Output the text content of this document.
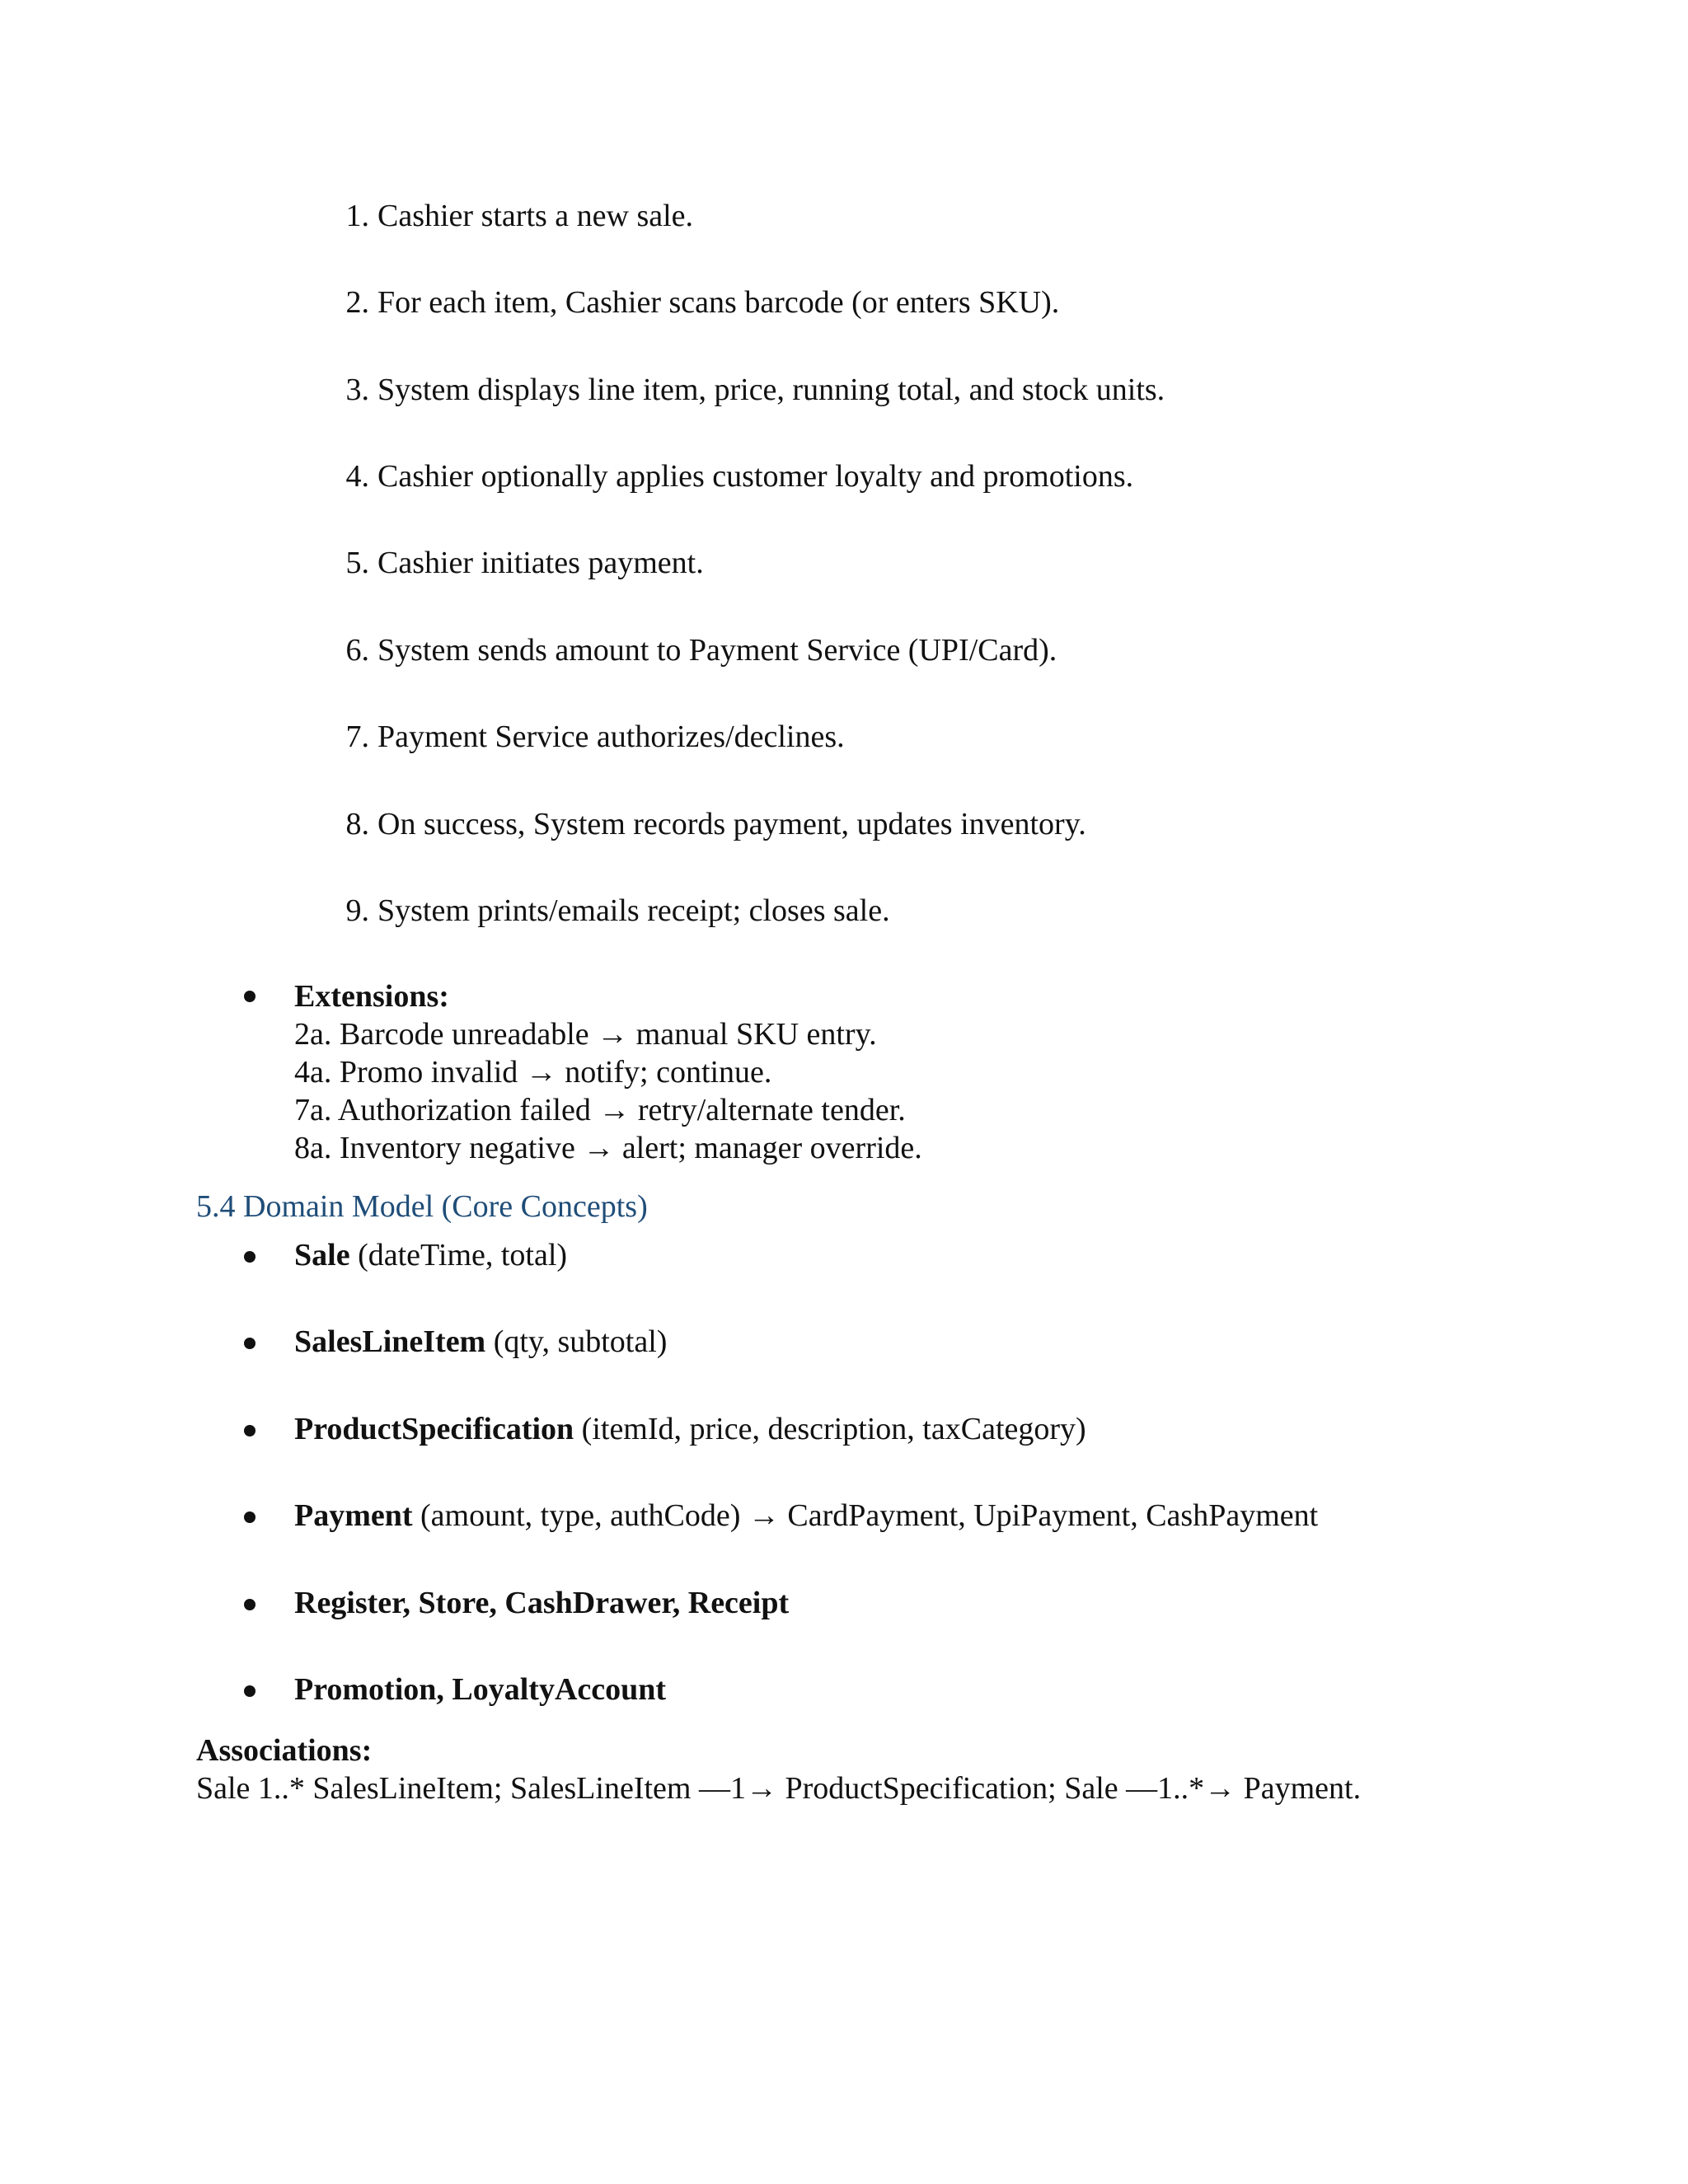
1. Cashier starts a new sale.
2. For each item, Cashier scans barcode (or enters SKU).
3. System displays line item, price, running total, and stock units.
4. Cashier optionally applies customer loyalty and promotions.
5. Cashier initiates payment.
6. System sends amount to Payment Service (UPI/Card).
7. Payment Service authorizes/declines.
8. On success, System records payment, updates inventory.
9. System prints/emails receipt; closes sale.
Extensions:
2a. Barcode unreadable → manual SKU entry.
4a. Promo invalid → notify; continue.
7a. Authorization failed → retry/alternate tender.
8a. Inventory negative → alert; manager override.
5.4 Domain Model (Core Concepts)
Sale (dateTime, total)
SalesLineItem (qty, subtotal)
ProductSpecification (itemId, price, description, taxCategory)
Payment (amount, type, authCode) → CardPayment, UpiPayment, CashPayment
Register, Store, CashDrawer, Receipt
Promotion, LoyaltyAccount
Associations:
Sale 1..* SalesLineItem; SalesLineItem —1→ ProductSpecification; Sale —1..*→ Payment.
